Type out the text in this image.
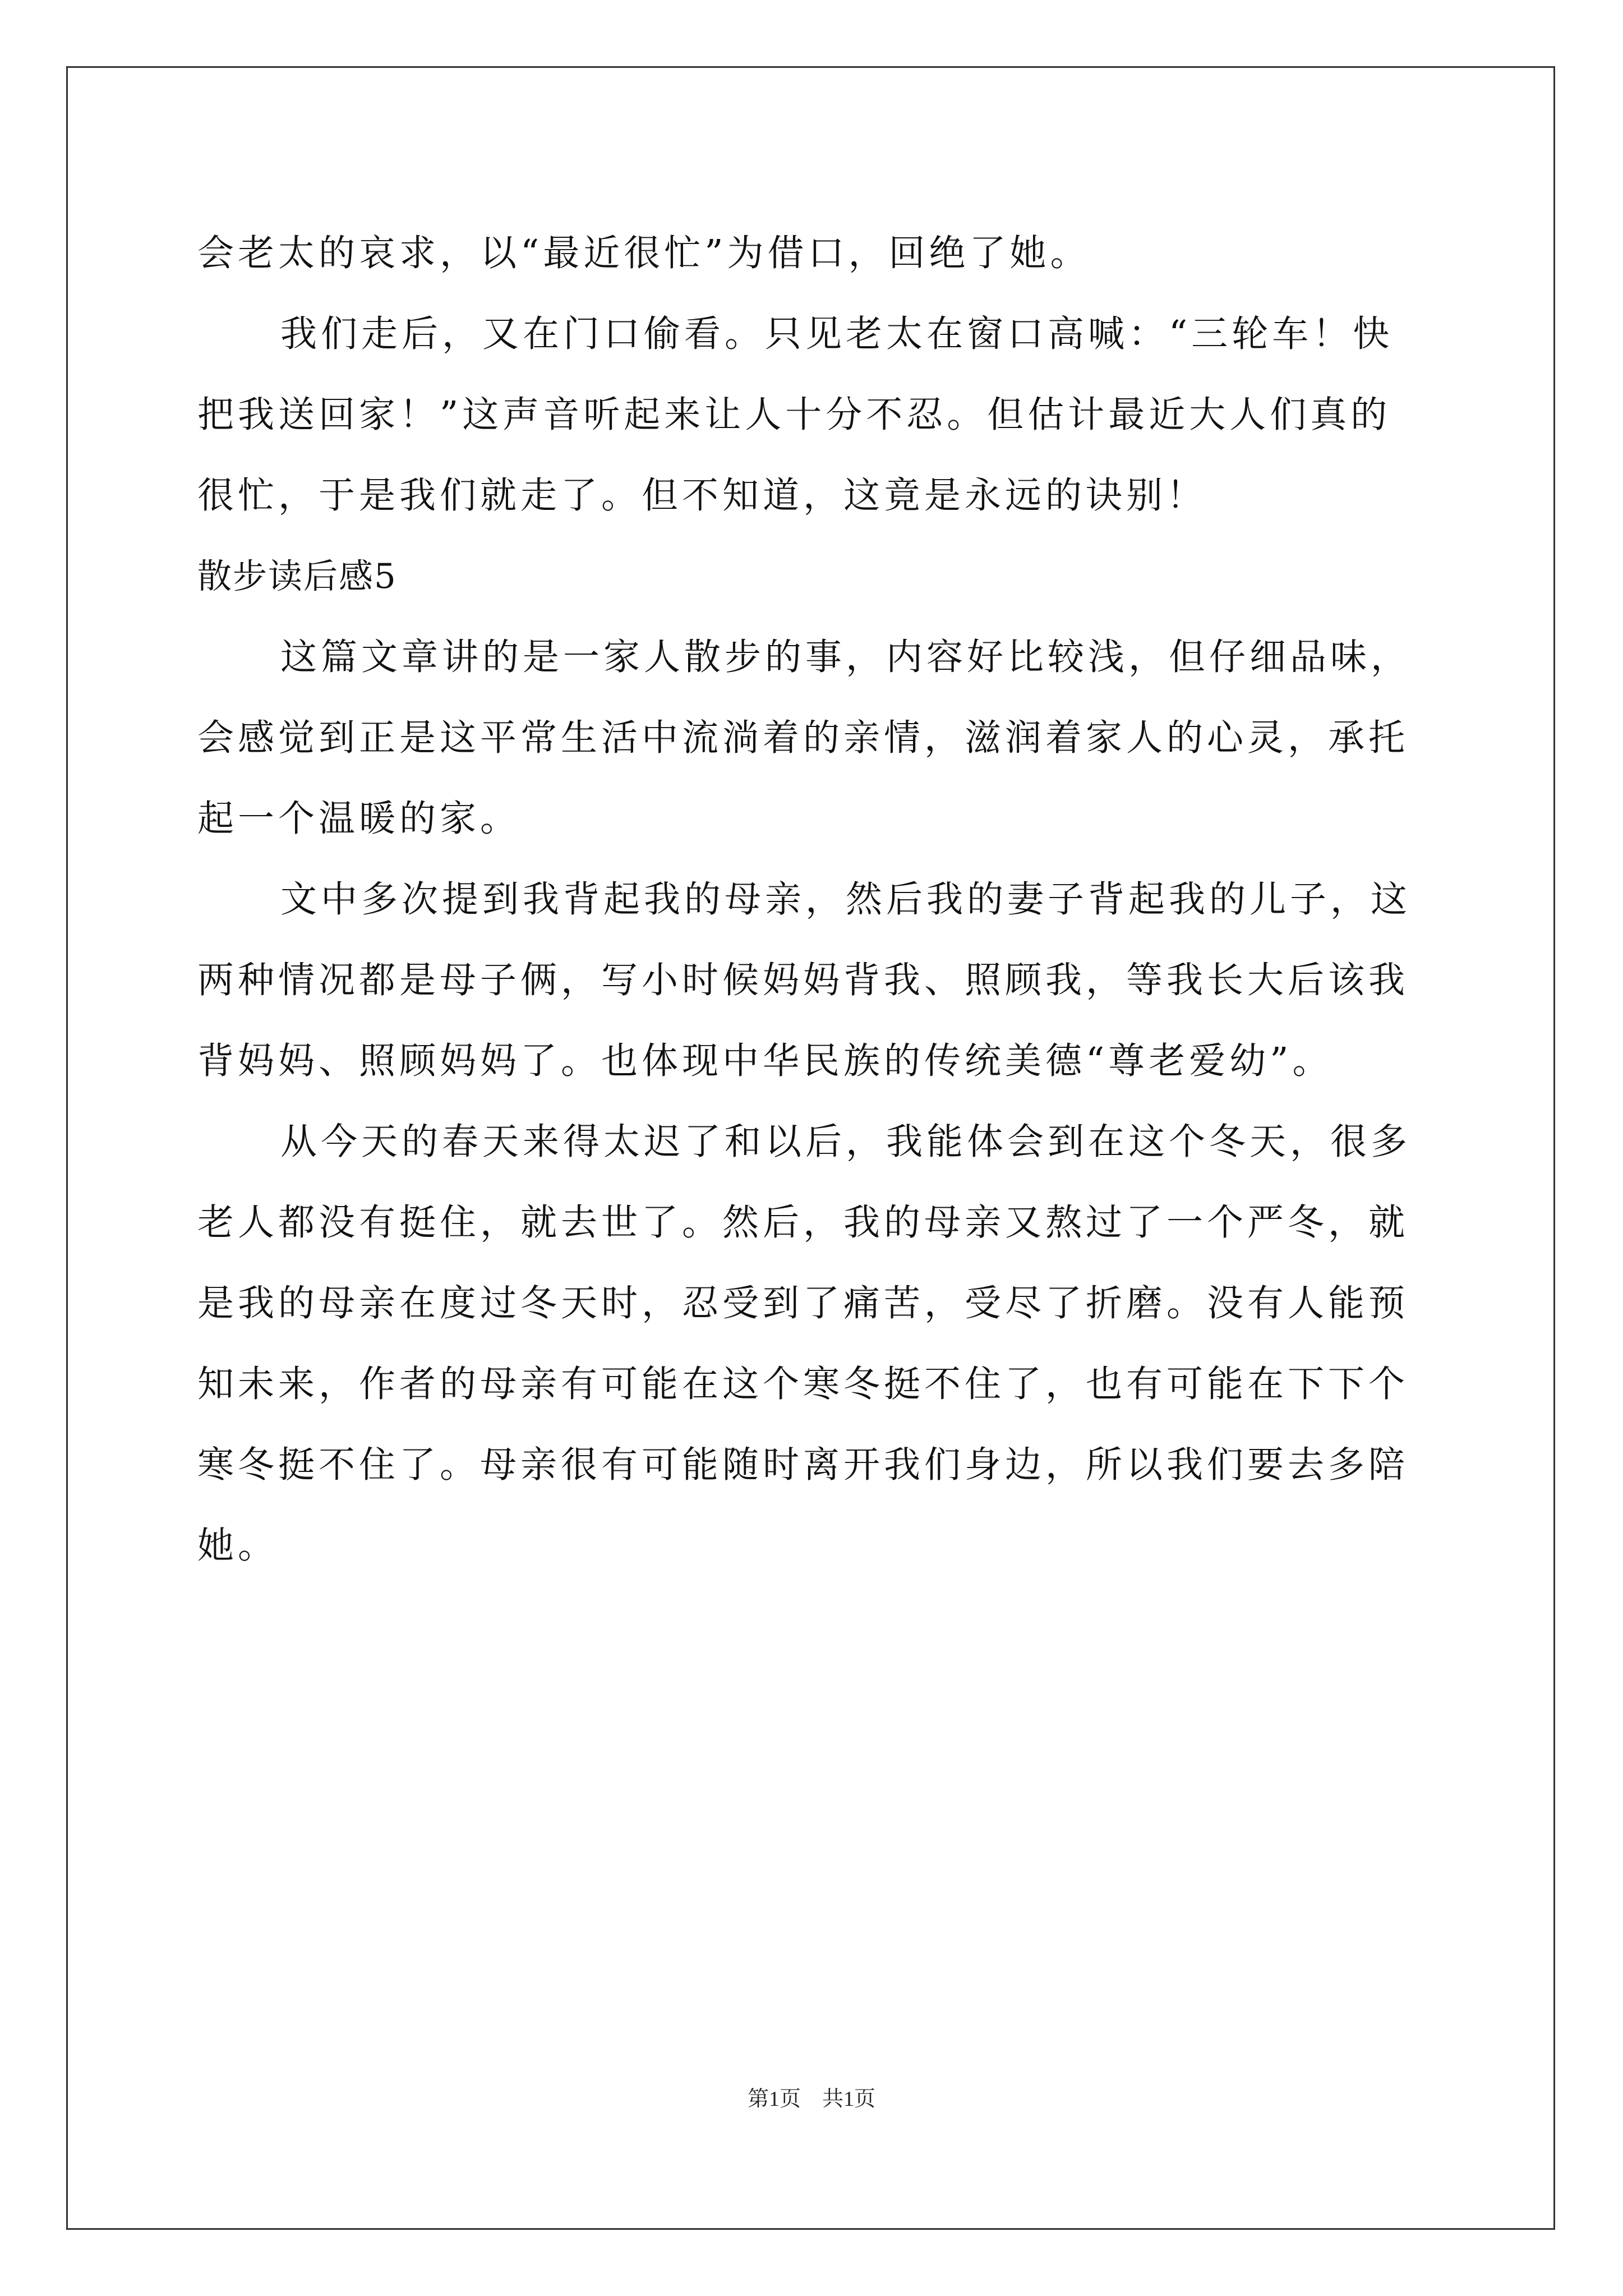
会老太的哀求，以“最近很忙”为借口，回绝了她。
我们走后，又在门口偷看。只见老太在窗口高喊：“三轮车！快
把我送回家！”这声音听起来让人十分不忍。但估计最近大人们真的
很忙，于是我们就走了。但不知道，这竟是永远的诀别！
散步读后感5
这篇文章讲的是一家人散步的事，内容好比较浅，但仔细品味，
会感觉到正是这平常生活中流淌着的亲情，滋润着家人的心灵，承托
起一个温暖的家。
文中多次提到我背起我的母亲，然后我的妻子背起我的儿子，这
两种情况都是母子俩，写小时候妈妈背我、照顾我，等我长大后该我
背妈妈、照顾妈妈了。也体现中华民族的传统美德“尊老爱幼”。
从今天的春天来得太迟了和以后，我能体会到在这个冬天，很多
老人都没有挺住，就去世了。然后，我的母亲又熬过了一个严冬，就
是我的母亲在度过冬天时，忍受到了痛苦，受尽了折磨。没有人能预
知未来，作者的母亲有可能在这个寒冬挺不住了，也有可能在下下个
寒冬挺不住了。母亲很有可能随时离开我们身边，所以我们要去多陪
她。
第1页　共1页
